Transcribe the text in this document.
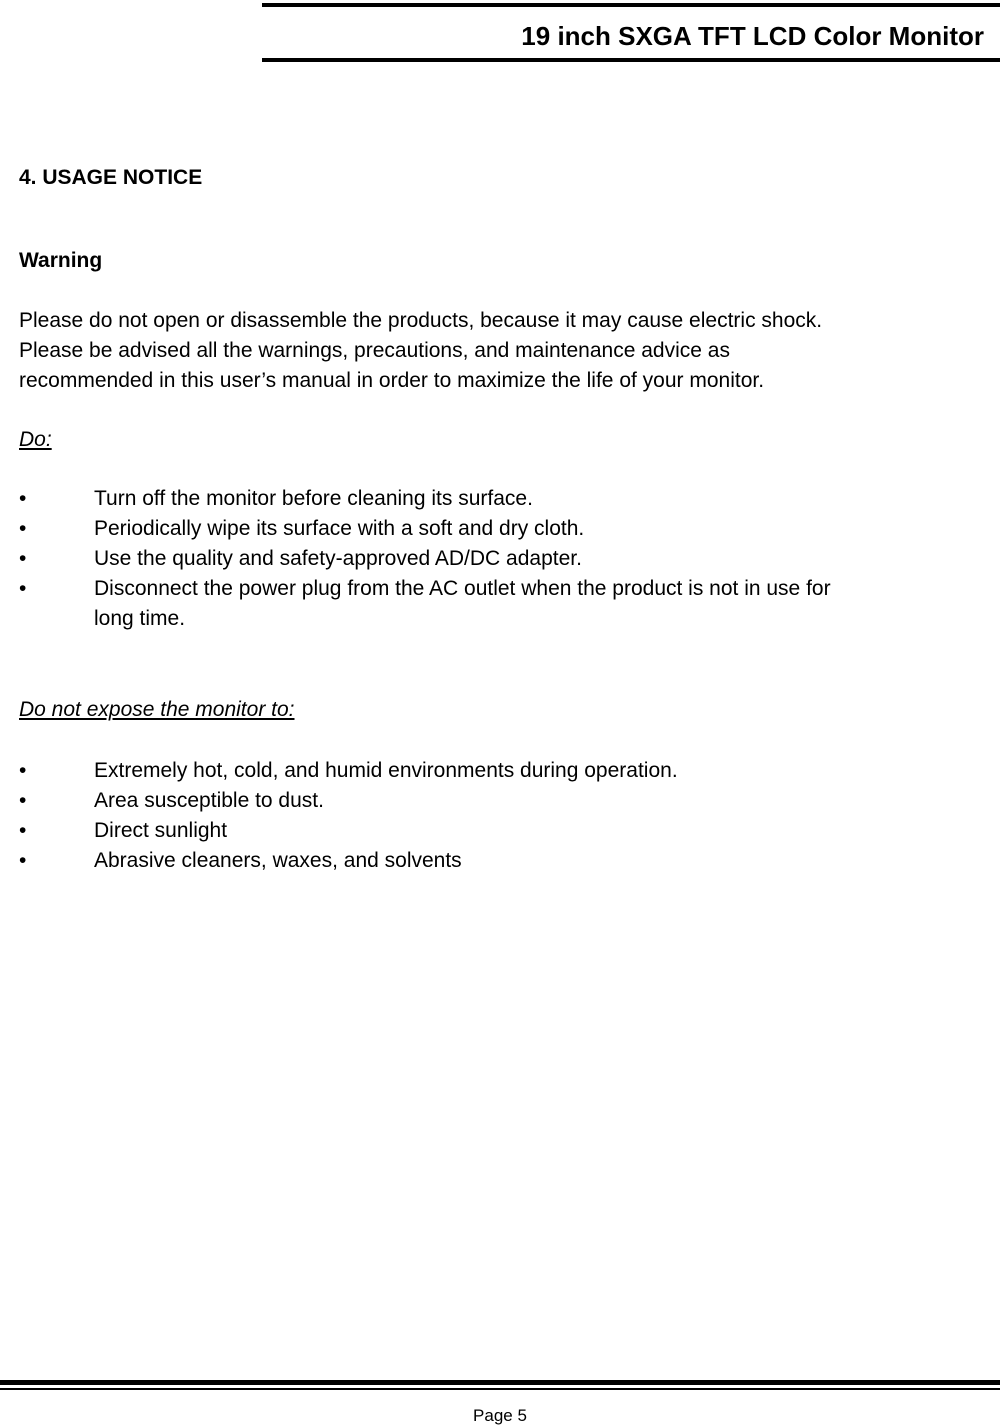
19 inch SXGA TFT LCD Color Monitor
4. USAGE NOTICE
Warning
Please do not open or disassemble the products, because it may cause electric shock.
Please be advised all the warnings, precautions, and maintenance advice as
recommended in this user’s manual in order to maximize the life of your monitor.
Do:
•	Turn off the monitor before cleaning its surface.
•	Periodically wipe its surface with a soft and dry cloth.
•	Use the quality and safety-approved AD/DC adapter.
•	Disconnect the power plug from the AC outlet when the product is not in use for
long time.
Do not expose the monitor to:
•	Extremely hot, cold, and humid environments during operation.
•	Area susceptible to dust.
•	Direct sunlight
•	Abrasive cleaners, waxes, and solvents
Page 5
